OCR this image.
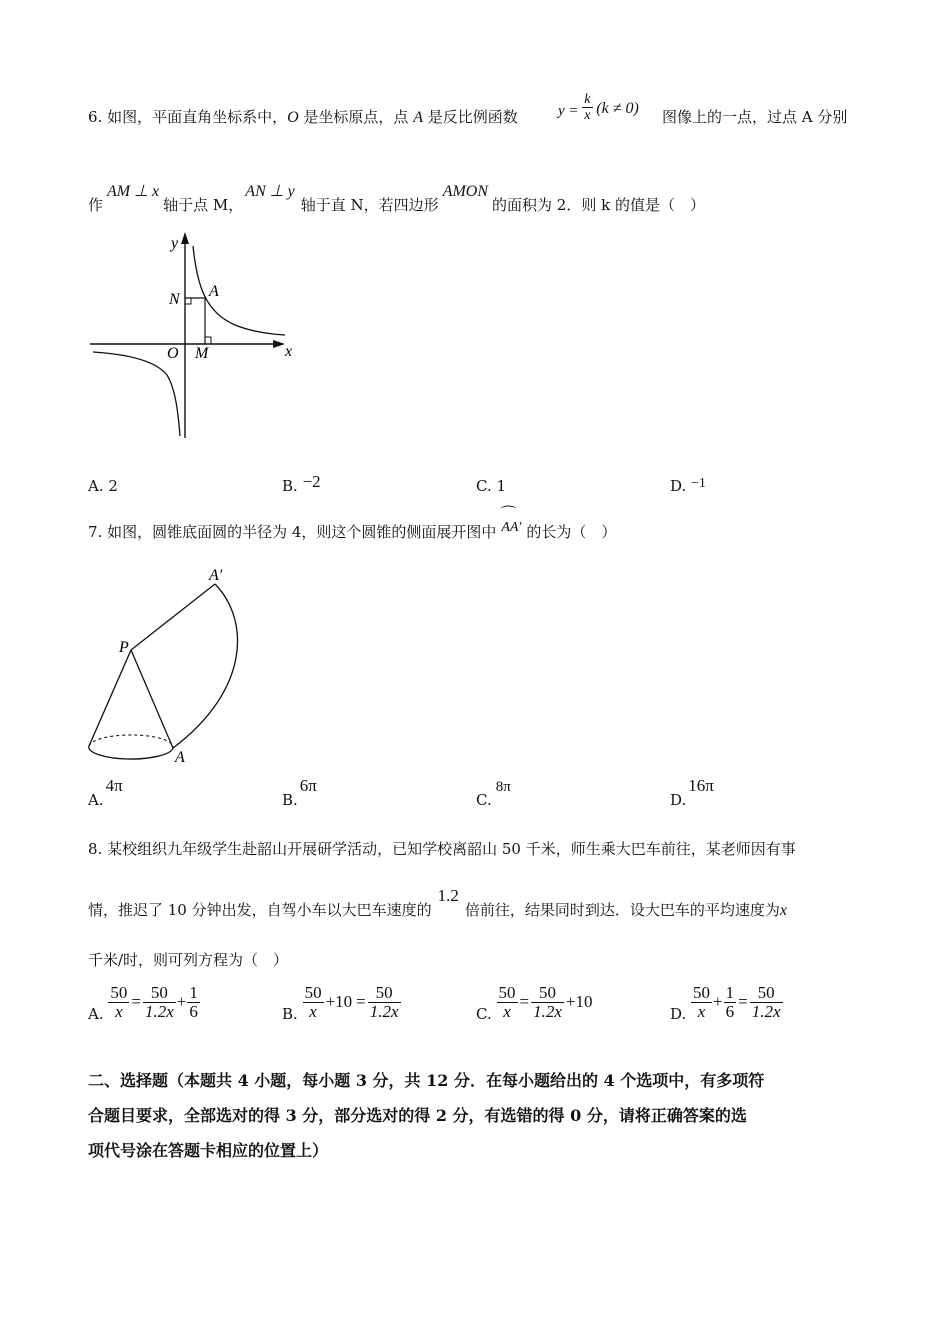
6. 如图，平面直角坐标系中，O 是坐标原点，点 A 是反比例函数	$y = \frac{k}{x} (k \ne 0)$ 图像上的一点，过点 A 分别
作AM ⊥ x轴于点 M，AN ⊥ y轴于直 N，若四边形AMON的面积为 2．则 k 的值是（　）
y
x
N A
O M
A. 2	B. −2	C. 1	D. −1
7. 如图，圆锥底面圆的半径为 4，则这个圆锥的侧面展开图中 AA′
⌒
的长为（　）
A′
P
A
A.4π
B.6π
C.8π
D.16π
8. 某校组织九年级学生赴韶山开展研学活动，已知学校离韶山 50 千米，师生乘大巴车前往，某老师因有事
情，推迟了 10 分钟出发，自驾小车以大巴车速度的1.2倍前往，结果同时到达．设大巴车的平均速度为x
千米/时，则可列方程为（　）
A. $\frac{50}{x} = \frac{50}{1.2x} + \frac{1}{6}$	B. $\frac{50}{x} +10 = \frac{50}{1.2x}$	C. $\frac{50}{x} = \frac{50}{1.2x} +10$
D. $\frac{50}{x} + \frac{1}{6} = \frac{50}{1.2x}$
二、选择题（本题共 4 小题，每小题 3 分，共 12 分．在每小题给出的 4 个选项中，有多项符
合题目要求，全部选对的得 3 分，部分选对的得 2 分，有选错的得 0 分，请将正确答案的选
项代号涂在答题卡相应的位置上）
